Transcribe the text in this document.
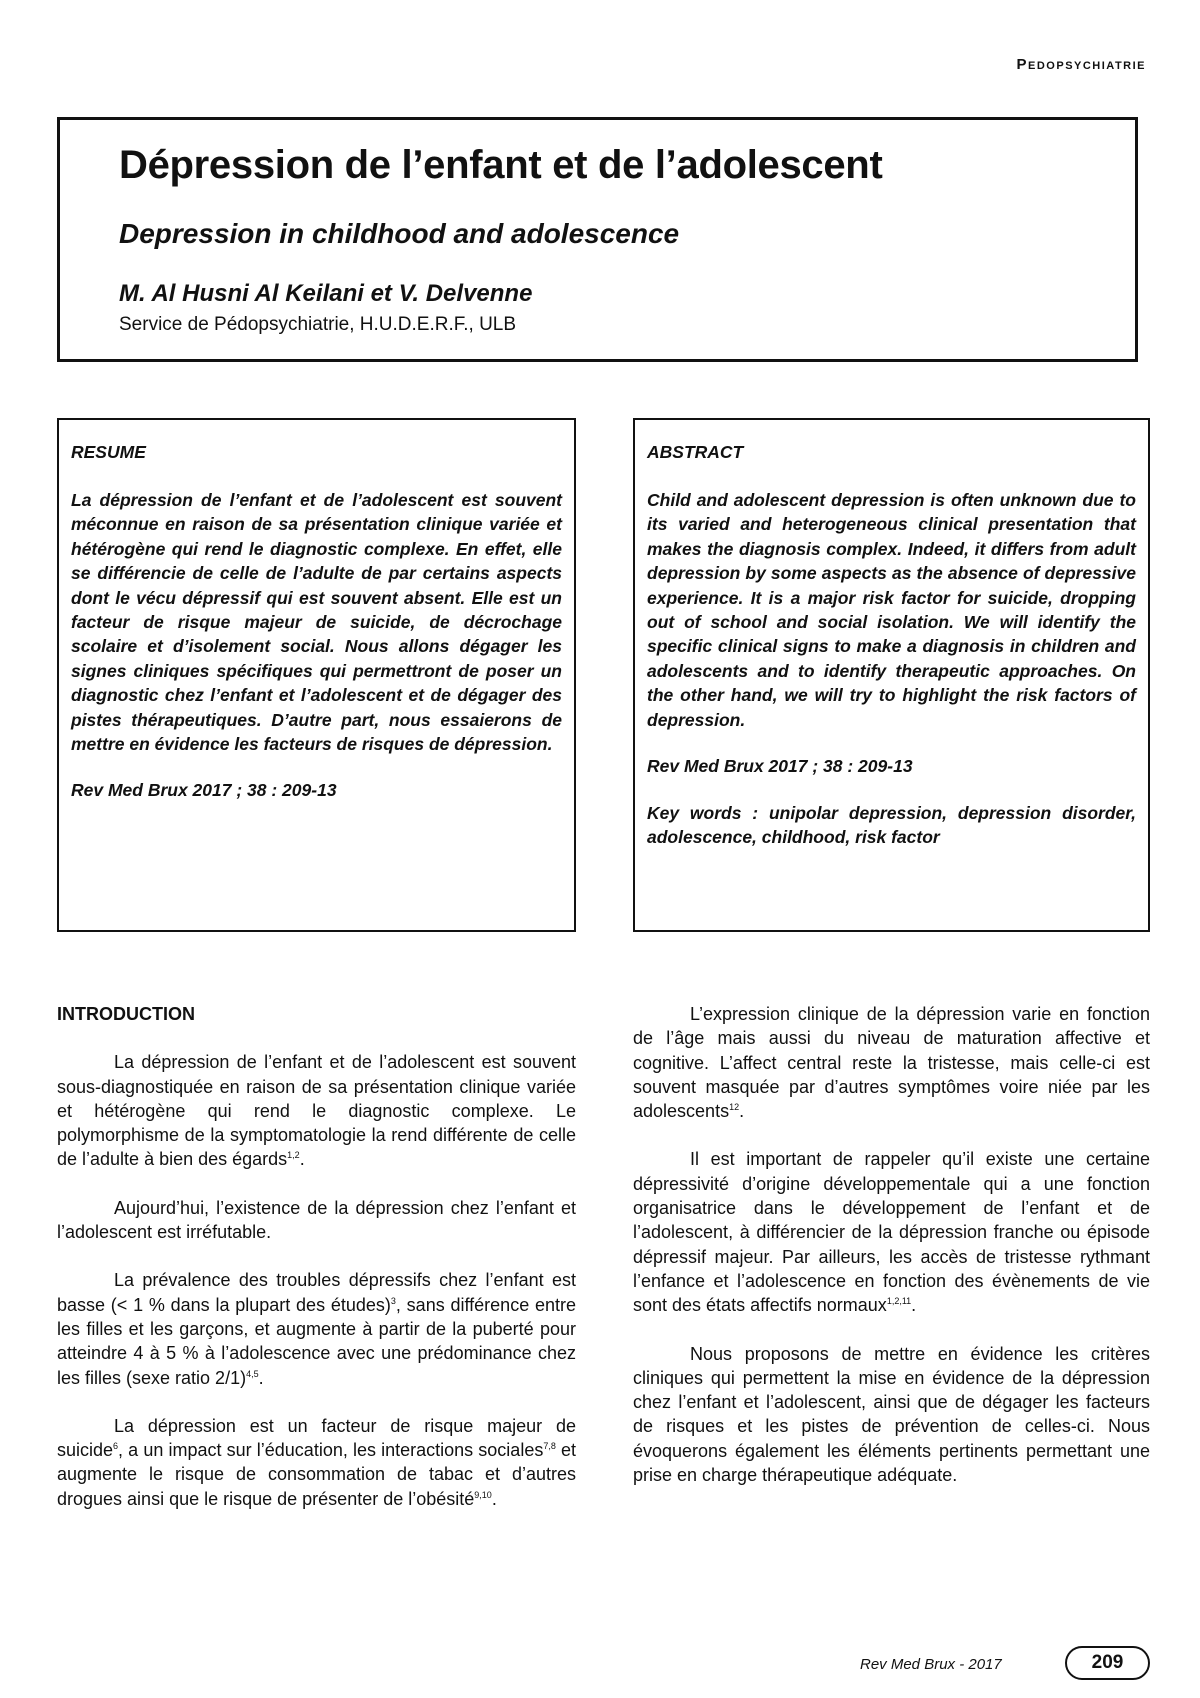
Pedopsychiatrie
Dépression de l’enfant et de l’adolescent
Depression in childhood and adolescence

M. Al Husni Al Keilani et V. Delvenne

Service de Pédopsychiatrie, H.U.D.E.R.F., ULB

RESUME

La dépression de l’enfant et de l’adolescent est souvent méconnue en raison de sa présentation clinique variée et hétérogène qui rend le diagnostic complexe. En effet, elle se différencie de celle de l’adulte de par certains aspects dont le vécu dépressif qui est souvent absent. Elle est un facteur de risque majeur de suicide, de décrochage scolaire et d’isolement social. Nous allons dégager les signes cliniques spécifiques qui permettront de poser un diagnostic chez l’enfant et l’adolescent et de dégager des pistes thérapeutiques. D’autre part, nous essaierons de mettre en évidence les facteurs de risques de dépression.

Rev Med Brux 2017 ; 38 : 209-13

ABSTRACT

Child and adolescent depression is often unknown due to its varied and heterogeneous clinical presentation that makes the diagnosis complex. Indeed, it differs from adult depression by some aspects as the absence of depressive experience. It is a major risk factor for suicide, dropping out of school and social isolation. We will identify the specific clinical signs to make a diagnosis in children and adolescents and to identify therapeutic approaches. On the other hand, we will try to highlight the risk factors of depression.

Rev Med Brux 2017 ; 38 : 209-13

Key words : unipolar depression, depression disorder, adolescence, childhood, risk factor

INTRODUCTION

La dépression de l’enfant et de l’adolescent est souvent sous-diagnostiquée en raison de sa présentation clinique variée et hétérogène qui rend le diagnostic complexe. Le polymorphisme de la symptomatologie la rend différente de celle de l’adulte à bien des égards$^{1,2}$.

Aujourd’hui, l’existence de la dépression chez l’enfant et l’adolescent est irréfutable.

La prévalence des troubles dépressifs chez l’enfant est basse (< 1 % dans la plupart des études)$^3$, sans différence entre les filles et les garçons, et augmente à partir de la puberté pour atteindre 4 à 5 % à l’adolescence avec une prédominance chez les filles (sexe ratio 2/1)$^{4,5}$.

La dépression est un facteur de risque majeur de suicide$^6$, a un impact sur l’éducation, les interactions sociales$^{7,8}$ et augmente le risque de consommation de tabac et d’autres drogues ainsi que le risque de présenter de l’obésité$^{9,10}$.

L’expression clinique de la dépression varie en fonction de l’âge mais aussi du niveau de maturation affective et cognitive. L’affect central reste la tristesse, mais celle-ci est souvent masquée par d’autres symptômes voire niée par les adolescents$^{12}$.

Il est important de rappeler qu’il existe une certaine dépressivité d’origine développementale qui a une fonction organisatrice dans le développement de l’enfant et de l’adolescent, à différencier de la dépression franche ou épisode dépressif majeur. Par ailleurs, les accès de tristesse rythmant l’enfance et l’adolescence en fonction des évènements de vie sont des états affectifs normaux$^{1,2,11}$.

Nous proposons de mettre en évidence les critères cliniques qui permettent la mise en évidence de la dépression chez l’enfant et l’adolescent, ainsi que de dégager les facteurs de risques et les pistes de prévention de celles-ci. Nous évoquerons également les éléments pertinents permettant une prise en charge thérapeutique adéquate.

Rev Med Brux - 2017	209
